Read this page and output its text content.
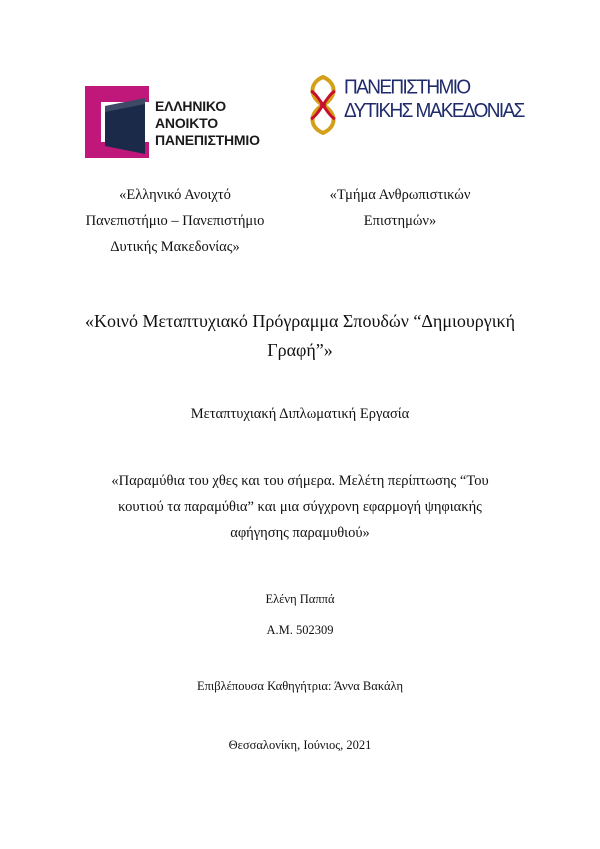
ΕΛΛΗΝΙΚΟ
ΑΝΟΙΚΤΟ
ΠΑΝΕΠΙΣΤΗΜΙΟ
ΠΑΝΕΠΙΣΤΗΜΙΟ
ΔΥΤΙΚΗΣ ΜΑΚΕΔΟΝΙΑΣ
«Ελληνικό Ανοιχτό
Πανεπιστήμιο – Πανεπιστήμιο
Δυτικής Μακεδονίας»
«Τμήμα Ανθρωπιστικών
Επιστημών»
«Κοινό Μεταπτυχιακό Πρόγραμμα Σπουδών “Δημιουργική
Γραφή”»
Μεταπτυχιακή Διπλωματική Εργασία
«Παραμύθια του χθες και του σήμερα. Μελέτη περίπτωσης “Του
κουτιού τα παραμύθια” και μια σύγχρονη εφαρμογή ψηφιακής
αφήγησης παραμυθιού»
Ελένη Παππά
Α.Μ. 502309
Επιβλέπουσα Καθηγήτρια: Άννα Βακάλη
Θεσσαλονίκη, Ιούνιος, 2021
